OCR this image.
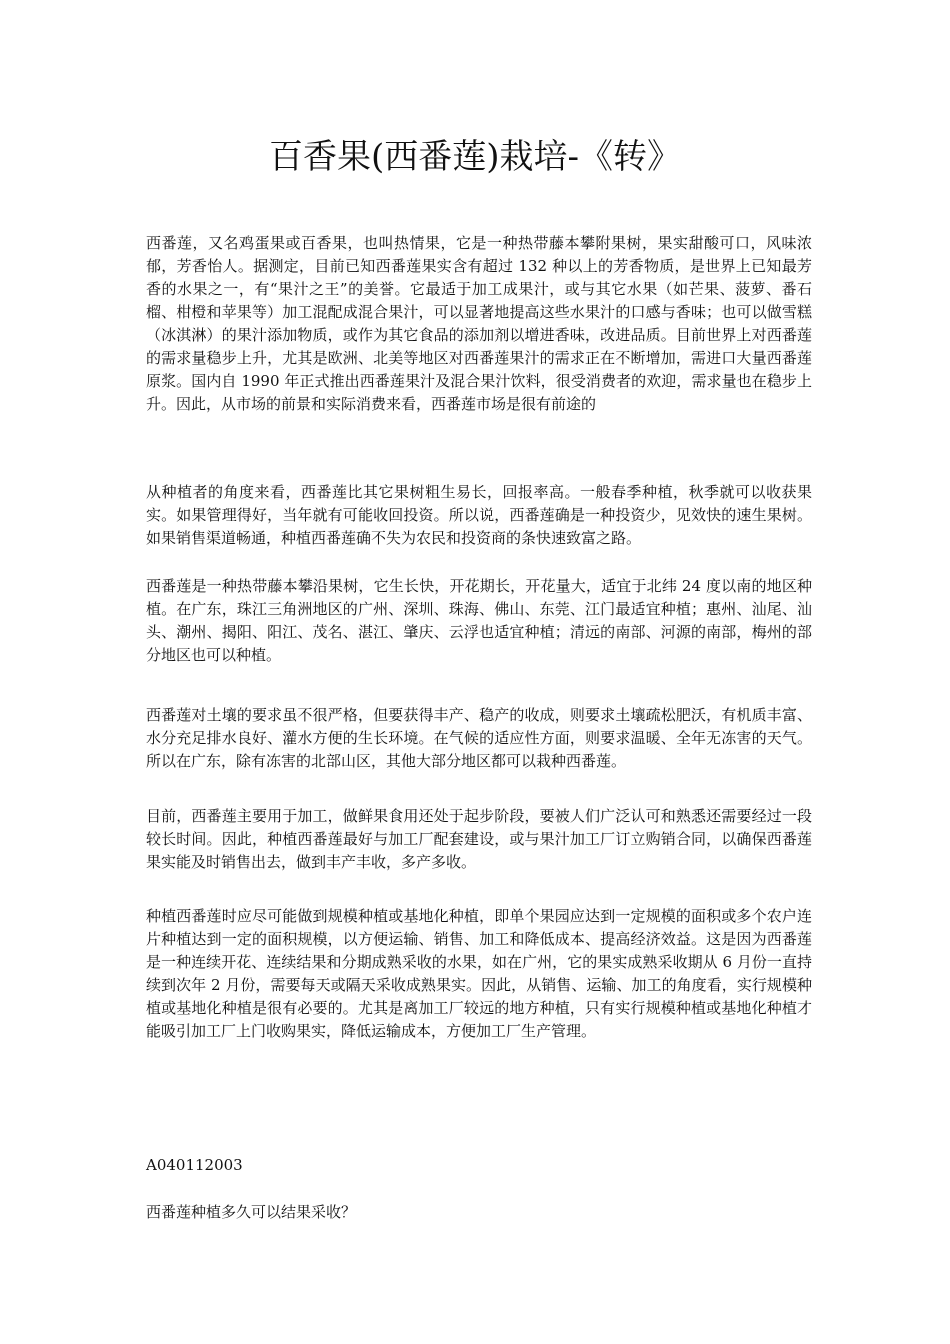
百香果(西番莲)栽培-《转》

西番莲，又名鸡蛋果或百香果，也叫热情果，它是一种热带藤本攀附果树，果实甜酸可口，风味浓郁，芳香怡人。据测定，目前已知西番莲果实含有超过 132 种以上的芳香物质，是世界上已知最芳香的水果之一，有“果汁之王”的美誉。它最适于加工成果汁，或与其它水果（如芒果、菠萝、番石榴、柑橙和苹果等）加工混配成混合果汁，可以显著地提高这些水果汁的口感与香味；也可以做雪糕（冰淇淋）的果汁添加物质，或作为其它食品的添加剂以增进香味，改进品质。目前世界上对西番莲的需求量稳步上升，尤其是欧洲、北美等地区对西番莲果汁的需求正在不断增加，需进口大量西番莲原浆。国内自 1990 年正式推出西番莲果汁及混合果汁饮料，很受消费者的欢迎，需求量也在稳步上升。因此，从市场的前景和实际消费来看，西番莲市场是很有前途的

从种植者的角度来看，西番莲比其它果树粗生易长，回报率高。一般春季种植，秋季就可以收获果实。如果管理得好，当年就有可能收回投资。所以说，西番莲确是一种投资少，见效快的速生果树。如果销售渠道畅通，种植西番莲确不失为农民和投资商的条快速致富之路。

西番莲是一种热带藤本攀沿果树，它生长快，开花期长，开花量大，适宜于北纬 24 度以南的地区种植。在广东，珠江三角洲地区的广州、深圳、珠海、佛山、东莞、江门最适宜种植；惠州、汕尾、汕头、潮州、揭阳、阳江、茂名、湛江、肇庆、云浮也适宜种植；清远的南部、河源的南部，梅州的部分地区也可以种植。

西番莲对土壤的要求虽不很严格，但要获得丰产、稳产的收成，则要求土壤疏松肥沃，有机质丰富、水分充足排水良好、灌水方便的生长环境。在气候的适应性方面，则要求温暖、全年无冻害的天气。所以在广东，除有冻害的北部山区，其他大部分地区都可以栽种西番莲。

目前，西番莲主要用于加工，做鲜果食用还处于起步阶段，要被人们广泛认可和熟悉还需要经过一段较长时间。因此，种植西番莲最好与加工厂配套建设，或与果汁加工厂订立购销合同，以确保西番莲果实能及时销售出去，做到丰产丰收，多产多收。

种植西番莲时应尽可能做到规模种植或基地化种植，即单个果园应达到一定规模的面积或多个农户连片种植达到一定的面积规模，以方便运输、销售、加工和降低成本、提高经济效益。这是因为西番莲是一种连续开花、连续结果和分期成熟采收的水果，如在广州，它的果实成熟采收期从 6 月份一直持续到次年 2 月份，需要每天或隔天采收成熟果实。因此，从销售、运输、加工的角度看，实行规模种植或基地化种植是很有必要的。尤其是离加工厂较远的地方种植，只有实行规模种植或基地化种植才能吸引加工厂上门收购果实，降低运输成本，方便加工厂生产管理。

A040112003

西番莲种植多久可以结果采收？
